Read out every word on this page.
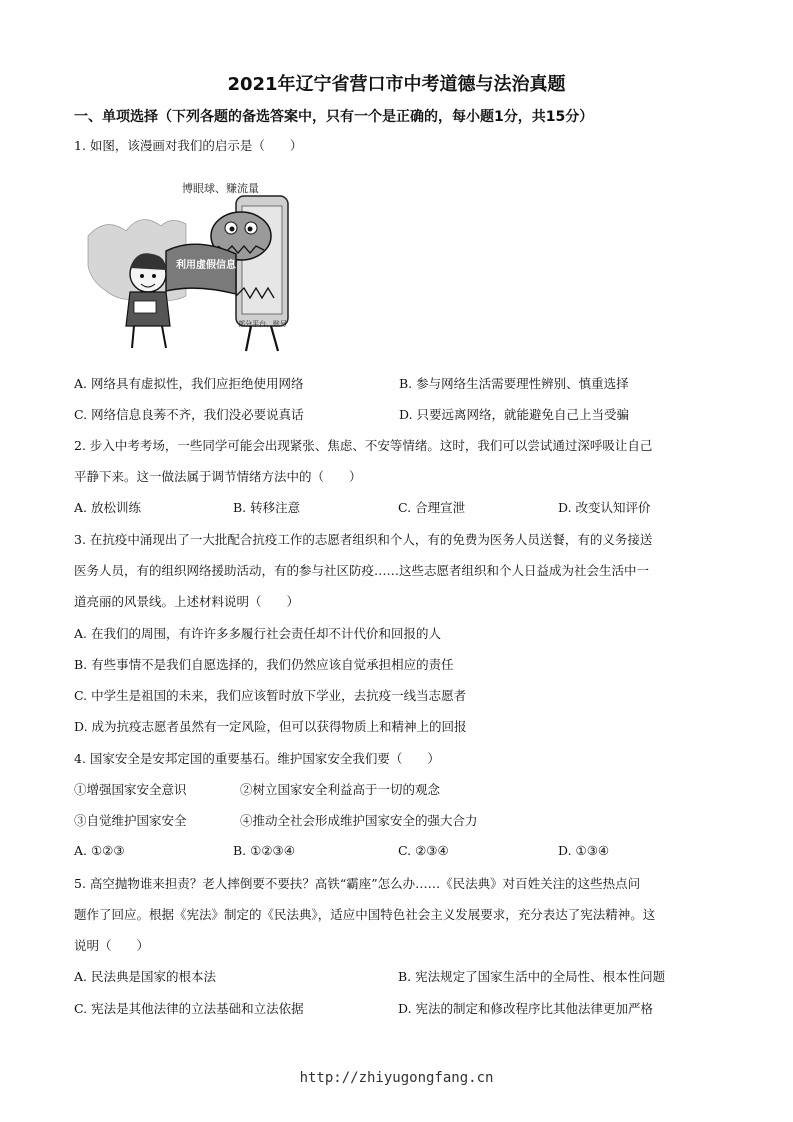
2021年辽宁省营口市中考道德与法治真题
一、单项选择（下列各题的备选答案中，只有一个是正确的，每小题1分，共15分）
1. 如图，该漫画对我们的启示是（　　）
博眼球、赚流量
利用虚假信息
部分平台、账号
A. 网络具有虚拟性，我们应拒绝使用网络	B. 参与网络生活需要理性辨别、慎重选择
C. 网络信息良莠不齐，我们没必要说真话	D. 只要远离网络，就能避免自己上当受骗
2. 步入中考考场，一些同学可能会出现紧张、焦虑、不安等情绪。这时，我们可以尝试通过深呼吸让自己
平静下来。这一做法属于调节情绪方法中的（　　）
A. 放松训练	B. 转移注意	C. 合理宣泄	D. 改变认知评价
3. 在抗疫中涌现出了一大批配合抗疫工作的志愿者组织和个人，有的免费为医务人员送餐，有的义务接送
医务人员，有的组织网络援助活动，有的参与社区防疫……这些志愿者组织和个人日益成为社会生活中一
道亮丽的风景线。上述材料说明（　　）
A. 在我们的周围，有许许多多履行社会责任却不计代价和回报的人
B. 有些事情不是我们自愿选择的，我们仍然应该自觉承担相应的责任
C. 中学生是祖国的未来，我们应该暂时放下学业，去抗疫一线当志愿者
D. 成为抗疫志愿者虽然有一定风险，但可以获得物质上和精神上的回报
4. 国家安全是安邦定国的重要基石。维护国家安全我们要（　　）
①增强国家安全意识	②树立国家安全利益高于一切的观念
③自觉维护国家安全	④推动全社会形成维护国家安全的强大合力
A. ①②③	B. ①②③④	C. ②③④	D. ①③④
5. 高空抛物谁来担责？老人摔倒要不要扶？高铁“霸座”怎么办……《民法典》对百姓关注的这些热点问
题作了回应。根据《宪法》制定的《民法典》，适应中国特色社会主义发展要求，充分表达了宪法精神。这
说明（　　）
A. 民法典是国家的根本法	B. 宪法规定了国家生活中的全局性、根本性问题
C. 宪法是其他法律的立法基础和立法依据	D. 宪法的制定和修改程序比其他法律更加严格
http://zhiyugongfang.cn
